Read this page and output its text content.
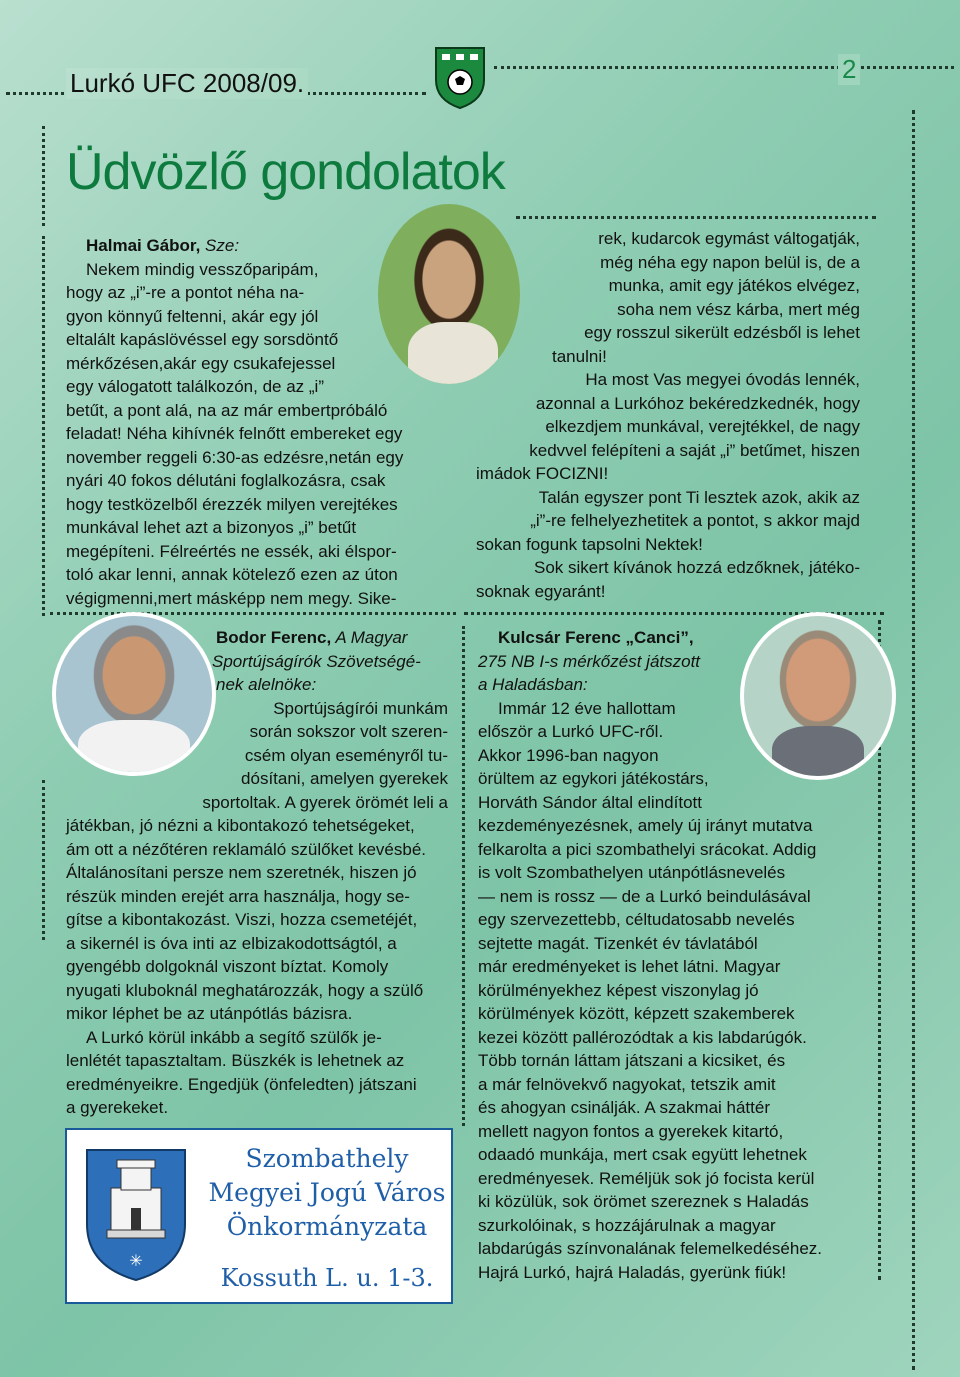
Lurkó UFC 2008/09.	2
Üdvözlő gondolatok

Halmai Gábor, Sze:

Nekem mindig vesszőparipám,

hogy az „i”-re a pontot néha na-

gyon könnyű feltenni, akár egy jól

eltalált kapáslövéssel egy sorsdöntő

mérkőzésen,akár egy csukafejessel

egy válogatott találkozón, de az „i”

betűt, a pont alá, na az már embertpróbáló

feladat! Néha kihívnék felnőtt embereket egy

november reggeli 6:30-as edzésre,netán egy

nyári 40 fokos délutáni foglalkozásra, csak

hogy testközelből érezzék milyen verejtékes

munkával lehet azt a bizonyos „i” betűt

megépíteni. Félreértés ne essék, aki élspor-

toló akar lenni, annak kötelező ezen az úton

végigmenni,mert másképp nem megy. Sike-

rek, kudarcok egymást váltogatják,

még néha egy napon belül is, de a

munka, amit egy játékos elvégez,

soha nem vész kárba, mert még

egy rosszul sikerült edzésből is lehet

tanulni!

Ha most Vas megyei óvodás lennék,

azonnal a Lurkóhoz bekéredzkednék, hogy

elkezdjem munkával, verejtékkel, de nagy

kedvvel felépíteni a saját „i” betűmet, hiszen

imádok FOCIZNI!

Talán egyszer pont Ti lesztek azok, akik az

„i”-re felhelyezhetitek a pontot, s akkor majd

sokan fogunk tapsolni Nektek!

Sok sikert kívánok hozzá edzőknek, játéko-

soknak egyaránt!

Bodor Ferenc, A Magyar

Sportújságírók Szövetségé-

nek alelnöke:

Sportújságírói munkám

során sokszor volt szeren-

csém olyan eseményről tu-

dósítani, amelyen gyerekek

sportoltak. A gyerek örömét leli a

játékban, jó nézni a kibontakozó tehetségeket,

ám ott a nézőtéren reklamáló szülőket kevésbé.

Általánosítani persze nem szeretnék, hiszen jó

részük minden erejét arra használja, hogy se-

gítse a kibontakozást. Viszi, hozza csemetéjét,

a sikernél is óva inti az elbizakodottságtól, a

gyengébb dolgoknál viszont bíztat. Komoly

nyugati kluboknál meghatározzák, hogy a szülő

mikor léphet be az utánpótlás bázisra.

A Lurkó körül inkább a segítő szülők je-

lenlétét tapasztaltam. Büszkék is lehetnek az

eredményeikre. Engedjük (önfeledten) játszani

a gyerekeket.

✳
Szombathely
Megyei Jogú Város
Önkormányzata
Kossuth L. u. 1-3.

Kulcsár Ferenc „Canci”,

275 NB I-s mérkőzést játszott

a Haladásban:

Immár 12 éve hallottam

először a Lurkó UFC-ről.

Akkor 1996-ban nagyon

örültem az egykori játékostárs,

Horváth Sándor által elindított

kezdeményezésnek, amely új irányt mutatva

felkarolta a pici szombathelyi srácokat. Addig

is volt Szombathelyen utánpótlásnevelés

— nem is rossz — de a Lurkó beindulásával

egy szervezettebb, céltudatosabb nevelés

sejtette magát. Tizenkét év távlatából

már eredményeket is lehet látni. Magyar

körülményekhez képest viszonylag jó

körülmények között, képzett szakemberek

kezei között pallérozódtak a kis labdarúgók.

Több tornán láttam játszani a kicsiket, és

a már felnövekvő nagyokat, tetszik amit

és ahogyan csinálják. A szakmai háttér

mellett nagyon fontos a gyerekek kitartó,

odaadó munkája, mert csak együtt lehetnek

eredményesek. Reméljük sok jó focista kerül

ki közülük, sok örömet szereznek s Haladás

szurkolóinak, s hozzájárulnak a magyar

labdarúgás színvonalának felemelkedéséhez.

Hajrá Lurkó, hajrá Haladás, gyerünk fiúk!
